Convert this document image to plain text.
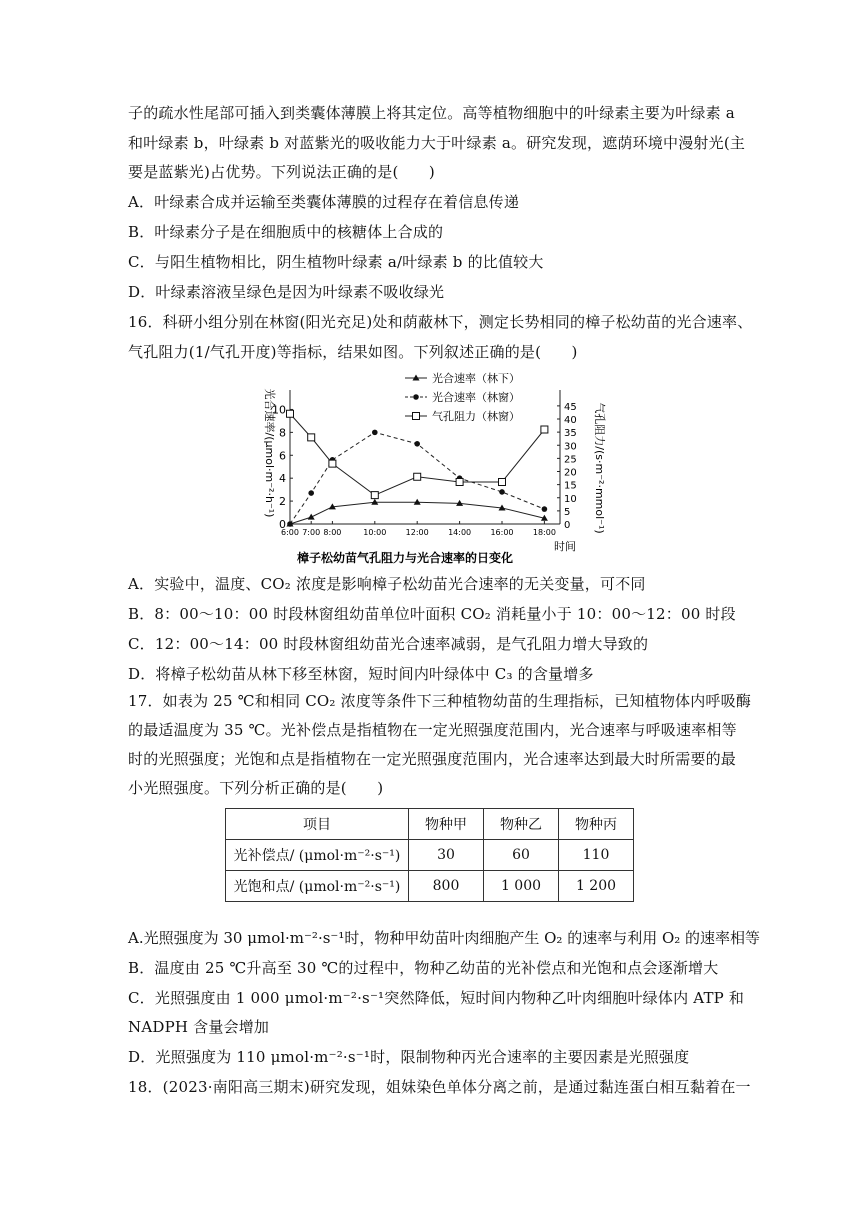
子的疏水性尾部可插入到类囊体薄膜上将其定位。高等植物细胞中的叶绿素主要为叶绿素 a
和叶绿素 b，叶绿素 b 对蓝紫光的吸收能力大于叶绿素 a。研究发现，遮荫环境中漫射光(主
要是蓝紫光)占优势。下列说法正确的是(　　)
A．叶绿素合成并运输至类囊体薄膜的过程存在着信息传递
B．叶绿素分子是在细胞质中的核糖体上合成的
C．与阳生植物相比，阴生植物叶绿素 a/叶绿素 b 的比值较大
D．叶绿素溶液呈绿色是因为叶绿素不吸收绿光
16．科研小组分别在林窗(阳光充足)处和荫蔽林下，测定长势相同的樟子松幼苗的光合速率、
气孔阻力(1/气孔开度)等指标，结果如图。下列叙述正确的是(　　)
0
2
4
6
8
10
0
5
10
15
20
25
30
35
40
45
6:00 7:00 8:00	10:00 12:00 14:00 16:00 18:00
光合速率（林下）
光合速率（林窗）
气孔阻力（林窗）
光合速率/(μmol·m⁻²·h⁻¹)	气孔阻力/(s·m⁻²·mmol⁻¹)
时间
樟子松幼苗气孔阻力与光合速率的日变化
A．实验中，温度、CO₂ 浓度是影响樟子松幼苗光合速率的无关变量，可不同
B．8：00～10：00 时段林窗组幼苗单位叶面积 CO₂ 消耗量小于 10：00～12：00 时段
C．12：00～14：00 时段林窗组幼苗光合速率减弱，是气孔阻力增大导致的
D．将樟子松幼苗从林下移至林窗，短时间内叶绿体中 C₃ 的含量增多
17．如表为 25 ℃和相同 CO₂ 浓度等条件下三种植物幼苗的生理指标，已知植物体内呼吸酶
的最适温度为 35 ℃。光补偿点是指植物在一定光照强度范围内，光合速率与呼吸速率相等
时的光照强度；光饱和点是指植物在一定光照强度范围内，光合速率达到最大时所需要的最
小光照强度。下列分析正确的是(　　)
项目	物种甲	物种乙	物种丙
光补偿点/ (μmol·m⁻²·s⁻¹)	30	60	110
光饱和点/ (μmol·m⁻²·s⁻¹)	800	1 000	1 200
A.光照强度为 30 μmol·m⁻²·s⁻¹时，物种甲幼苗叶肉细胞产生 O₂ 的速率与利用 O₂ 的速率相等
B．温度由 25 ℃升高至 30 ℃的过程中，物种乙幼苗的光补偿点和光饱和点会逐渐增大
C．光照强度由 1 000 μmol·m⁻²·s⁻¹突然降低，短时间内物种乙叶肉细胞叶绿体内 ATP 和
NADPH 含量会增加
D．光照强度为 110 μmol·m⁻²·s⁻¹时，限制物种丙光合速率的主要因素是光照强度
18．(2023·南阳高三期末)研究发现，姐妹染色单体分离之前，是通过黏连蛋白相互黏着在一
